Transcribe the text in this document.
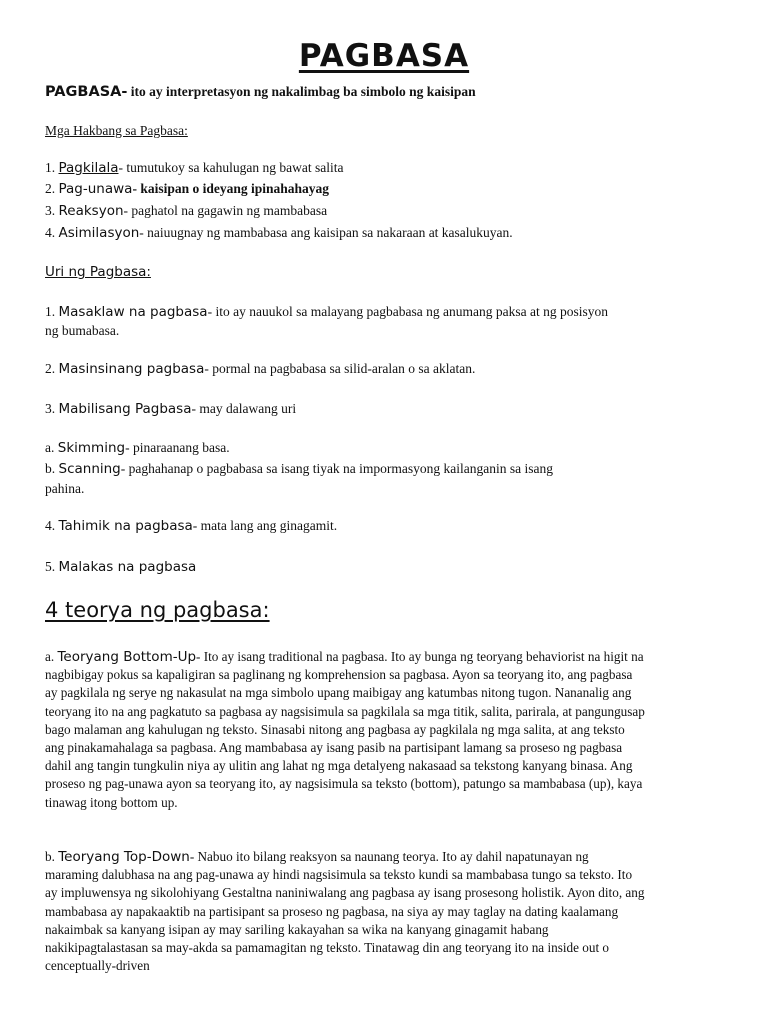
PAGBASA
PAGBASA- ito ay interpretasyon ng nakalimbag ba simbolo ng kaisipan
Mga Hakbang sa Pagbasa:
1. Pagkilala- tumutukoy sa kahulugan ng bawat salita
2. Pag-unawa- kaisipan o ideyang ipinahahayag
3. Reaksyon- paghatol na gagawin ng mambabasa
4. Asimilasyon- naiuugnay ng mambabasa ang kaisipan sa nakaraan at kasalukuyan.
Uri ng Pagbasa:
1. Masaklaw na pagbasa- ito ay nauukol sa malayang pagbabasa ng anumang paksa at ng posisyon
ng bumabasa.
2. Masinsinang pagbasa- pormal na pagbabasa sa silid-aralan o sa aklatan.
3. Mabilisang Pagbasa- may dalawang uri
a. Skimming- pinaraanang basa.
b. Scanning- paghahanap o pagbabasa sa isang tiyak na impormasyong kailanganin sa isang
pahina.
4. Tahimik na pagbasa- mata lang ang ginagamit.
5. Malakas na pagbasa
4 teorya ng pagbasa:
a. Teoryang Bottom-Up- Ito ay isang traditional na pagbasa. Ito ay bunga ng teoryang behaviorist na higit na nagbibigay pokus sa kapaligiran sa paglinang ng komprehension sa pagbasa. Ayon sa teoryang ito, ang pagbasa ay pagkilala ng serye ng nakasulat na mga simbolo upang maibigay ang katumbas nitong tugon. Nananalig ang teoryang ito na ang pagkatuto sa pagbasa ay nagsisimula sa pagkilala sa mga titik, salita, parirala, at pangungusap bago malaman ang kahulugan ng teksto. Sinasabi nitong ang pagbasa ay pagkilala ng mga salita, at ang teksto ang pinakamahalaga sa pagbasa. Ang mambabasa ay isang pasib na partisipant lamang sa proseso ng pagbasa dahil ang tangin tungkulin niya ay ulitin ang lahat ng mga detalyeng nakasaad sa tekstong kanyang binasa. Ang proseso ng pag-unawa ayon sa teoryang ito, ay nagsisimula sa teksto (bottom), patungo sa mambabasa (up), kaya tinawag itong bottom up.
b. Teoryang Top-Down- Nabuo ito bilang reaksyon sa naunang teorya. Ito ay dahil napatunayan ng maraming dalubhasa na ang pag-unawa ay hindi nagsisimula sa teksto kundi sa mambabasa tungo sa teksto. Ito ay impluwensya ng sikolohiyang Gestaltna naniniwalang ang pagbasa ay isang prosesong holistik. Ayon dito, ang mambabasa ay napakaaktib na partisipant sa proseso ng pagbasa, na siya ay may taglay na dating kaalamang nakaimbak sa kanyang isipan ay may sariling kakayahan sa wika na kanyang ginagamit habang nakikipagtalastasan sa may-akda sa pamamagitan ng teksto. Tinatawag din ang teoryang ito na inside out o cenceptually-driven
